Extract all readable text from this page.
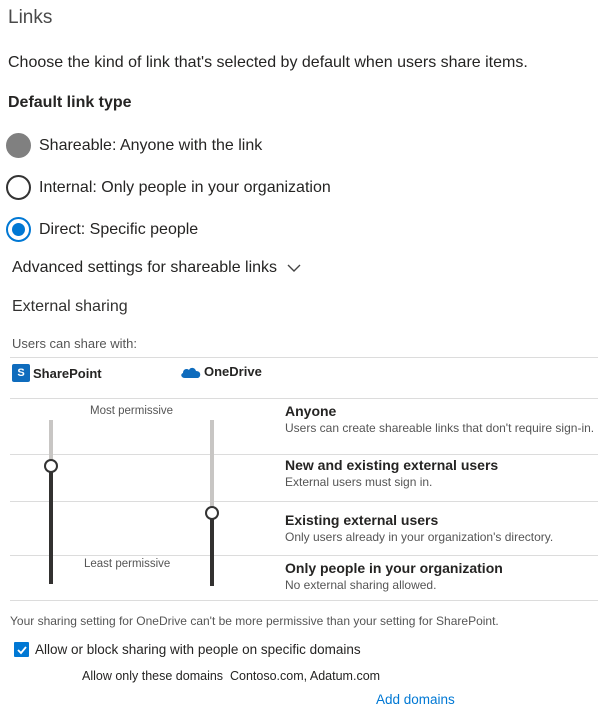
Links
Choose the kind of link that's selected by default when users share items.
Default link type
Shareable: Anyone with the link
Internal: Only people in your organization
Direct: Specific people
Advanced settings for shareable links
External sharing
Users can share with:
S SharePoint	OneDrive
Most permissive
Least permissive
Anyone
Users can create shareable links that don't require sign-in.
New and existing external users
External users must sign in.
Existing external users
Only users already in your organization's directory.
Only people in your organization
No external sharing allowed.
Your sharing setting for OneDrive can't be more permissive than your setting for SharePoint.
Allow or block sharing with people on specific domains
Allow only these domains  Contoso.com, Adatum.com
Add domains
